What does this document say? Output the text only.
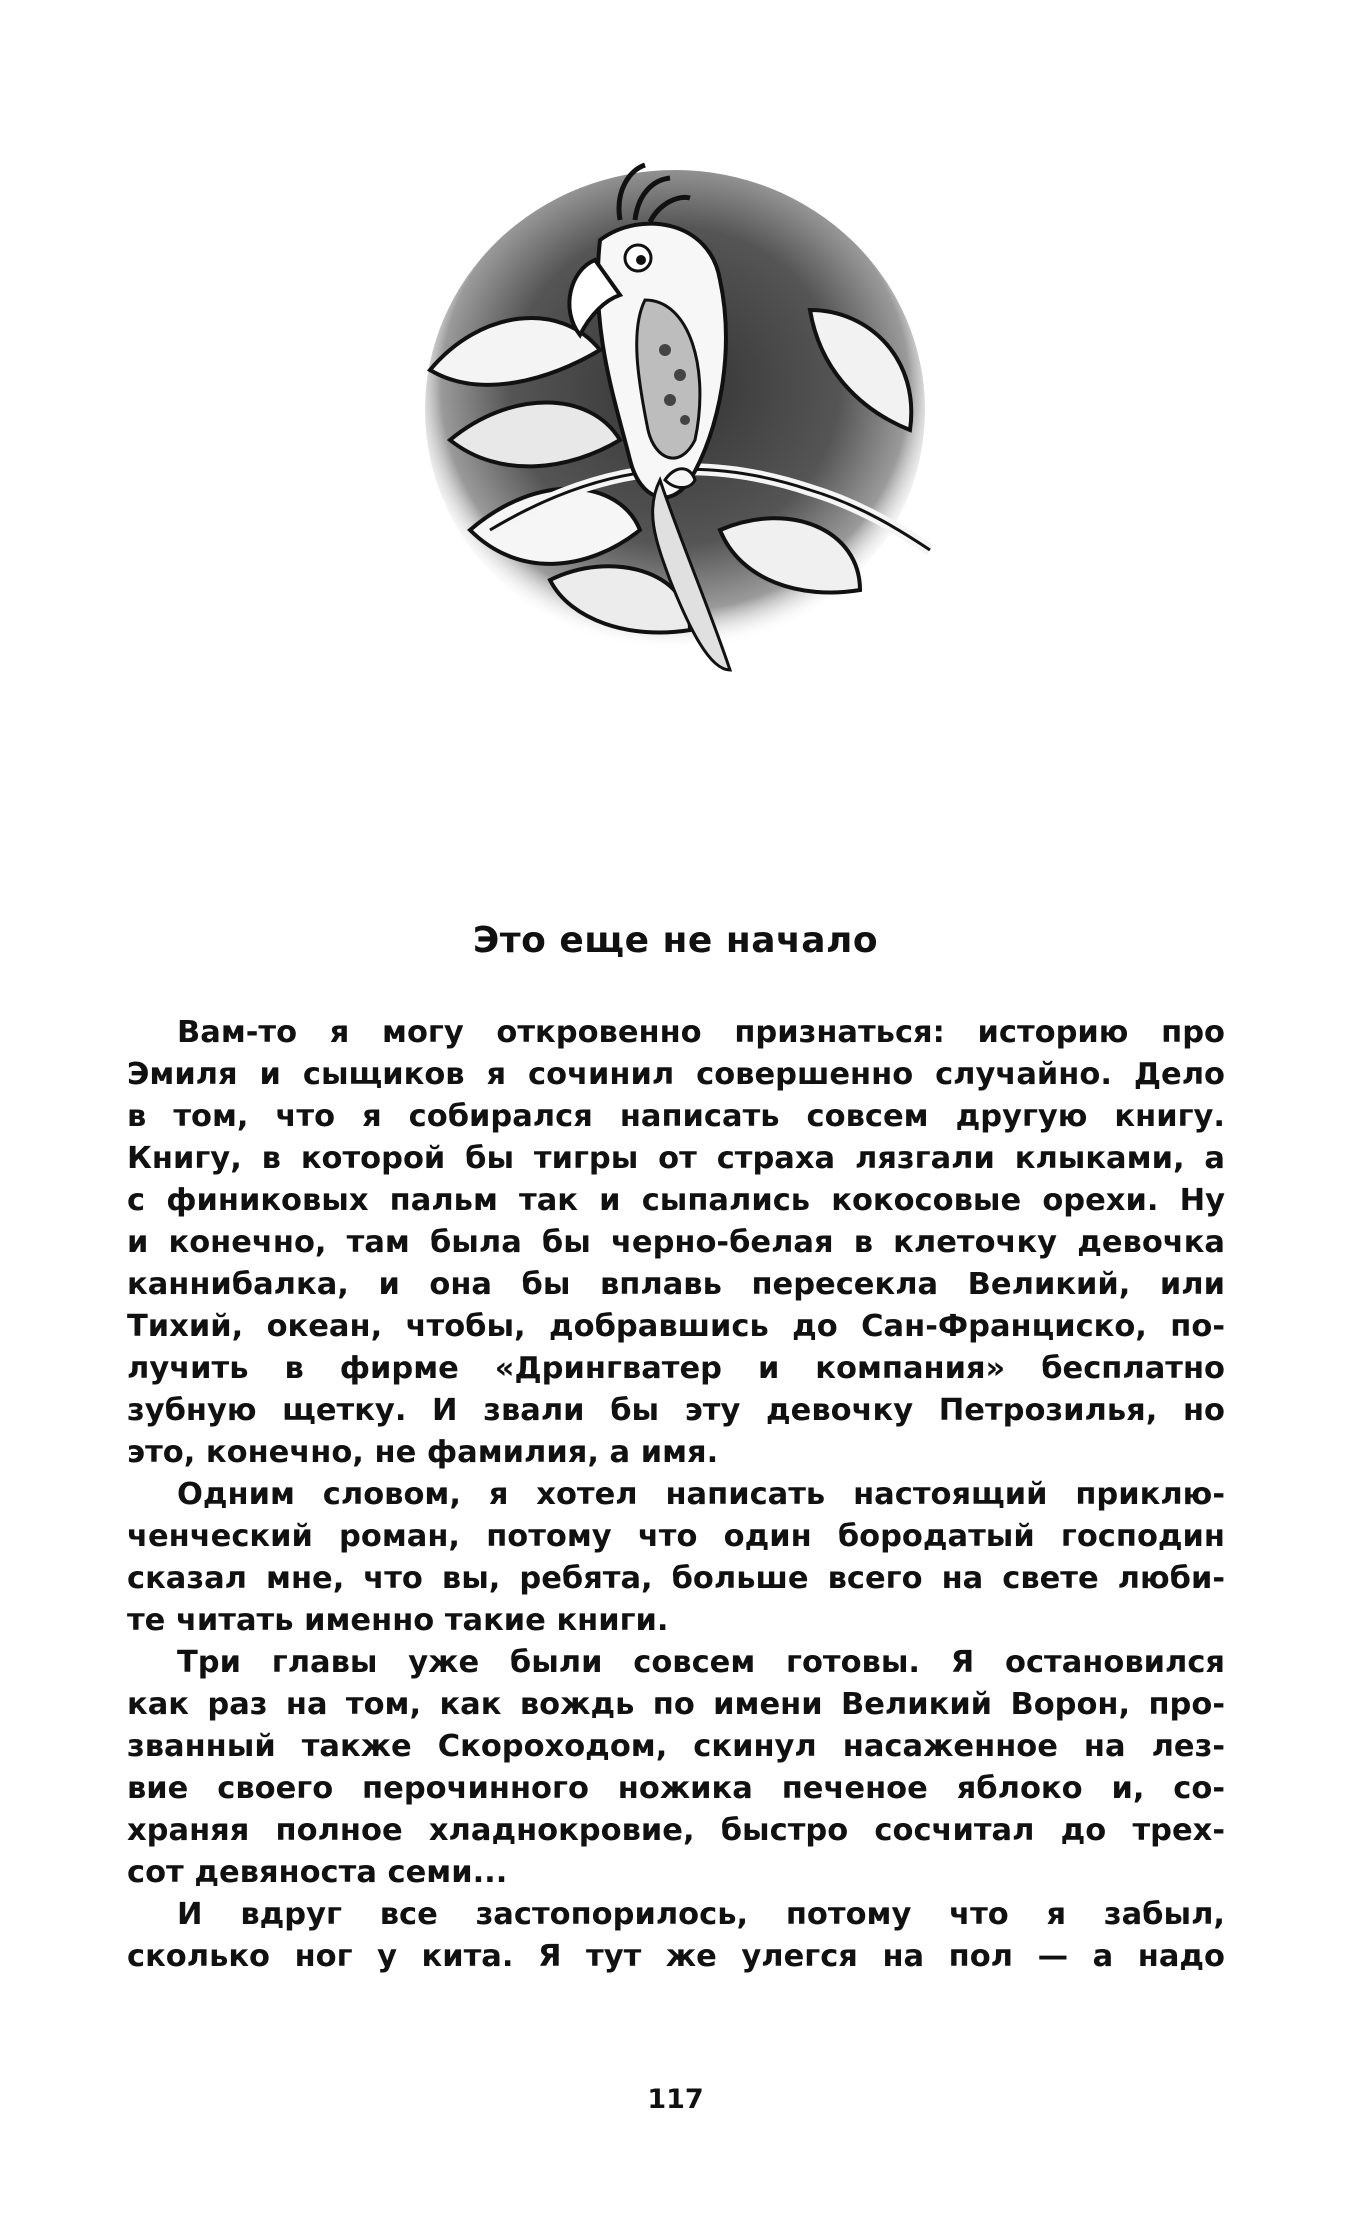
Это еще не начало
Вам-то я могу откровенно признаться: историю про
Эмиля и сыщиков я сочинил совершенно случайно. Дело
в том, что я собирался написать совсем другую книгу.
Книгу, в которой бы тигры от страха лязгали клыками, а
с финиковых пальм так и сыпались кокосовые орехи. Ну
и конечно, там была бы черно-белая в клеточку девочка
каннибалка, и она бы вплавь пересекла Великий, или
Тихий, океан, чтобы, добравшись до Сан-Франциско, по-
лучить в фирме «Дрингватер и компания» бесплатно
зубную щетку. И звали бы эту девочку Петрозилья, но
это, конечно, не фамилия, а имя.
Одним словом, я хотел написать настоящий приклю-
ченческий роман, потому что один бородатый господин
сказал мне, что вы, ребята, больше всего на свете люби-
те читать именно такие книги.
Три главы уже были совсем готовы. Я остановился
как раз на том, как вождь по имени Великий Ворон, про-
званный также Скороходом, скинул насаженное на лез-
вие своего перочинного ножика печеное яблоко и, со-
храняя полное хладнокровие, быстро сосчитал до трех-
сот девяноста семи...
И вдруг все застопорилось, потому что я забыл,
сколько ног у кита. Я тут же улегся на пол — а надо
117
